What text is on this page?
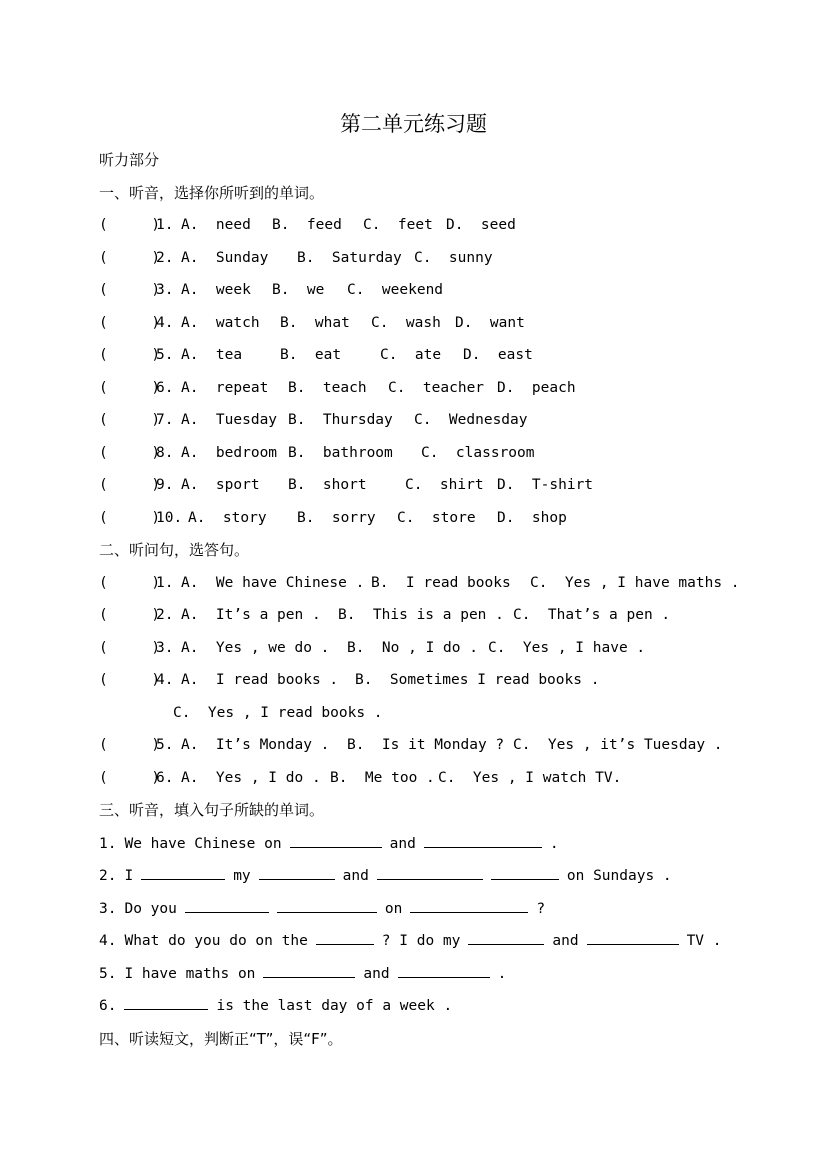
第二单元练习题
听力部分
一、听音，选择你所听到的单词。
(     )
1. A.  need B.  feed C.  feet D.  seed
(     )
2. A.  Sunday B.  Saturday C.  sunny
(     )
3. A.  week B.  we C.  weekend
(     )
4. A.  watch B.  what C.  wash D.  want
(     )
5. A.  tea	B.  eat	C.  ate D.  east
(     )
6. A.  repeat B.  teach C.  teacher D.  peach
(     )
7. A.  Tuesday B.  Thursday C.  Wednesday
(     )
8. A.  bedroom B.  bathroom C.  classroom
(     )
9. A.  sport B.  short	C.  shirt D.  T-shirt
(     )
10. A.  story B.  sorry C.  store D.  shop
二、听问句，选答句。
(     )
1. A.  We have Chinese . B.  I read books C.  Yes , I have maths .
(     )
2. A.  It’s a pen . B.  This is a pen . C.  That’s a pen .
(     )
3. A.  Yes , we do . B.  No , I do . C.  Yes , I have .
(     )
4. A.  I read books . B.  Sometimes I read books .
(     )
5. A.  It’s Monday . B.  Is it Monday ? C.  Yes , it’s Tuesday .
(     )
6. A.  Yes , I do . B.  Me too . C.  Yes , I watch TV.
C.  Yes , I read books .
三、听音，填入句子所缺的单词。
1. We have Chinese on	and	.
2. I	my	and	on Sundays .
3. Do you	on	?
4. What do you do on the	? I do my	and	TV .
5. I have maths on	and	.
6.	is the last day of a week .
四、听读短文，判断正“T”，误“F”。
